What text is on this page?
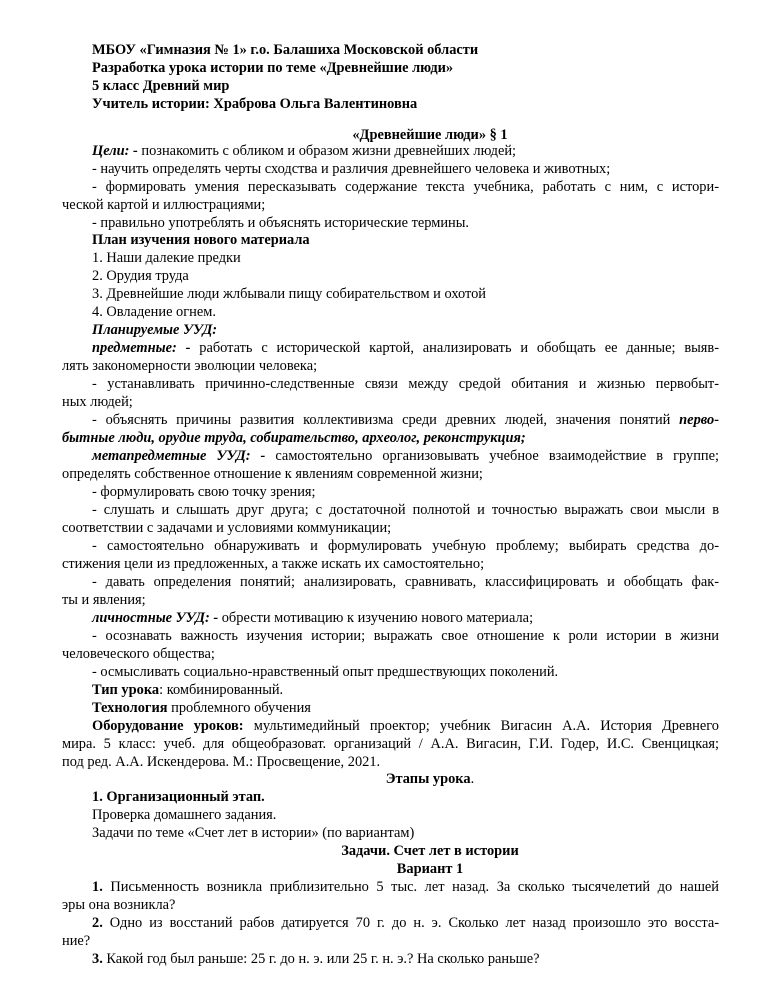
МБОУ «Гимназия № 1» г.о. Балашиха Московской области
Разработка урока истории по теме «Древнейшие люди»
5 класс Древний мир
Учитель истории: Храброва Ольга Валентиновна
«Древнейшие люди» § 1
Цели: - познакомить с обликом и образом жизни древнейших людей;
- научить определять черты сходства и различия древнейшего человека и животных;
- формировать умения пересказывать содержание текста учебника, работать с ним, с истори-
ческой картой и иллюстрациями;
- правильно употреблять и объяснять исторические термины.
План изучения нового материала
1. Наши далекие предки
2. Орудия труда
3. Древнейшие люди жлбывали пищу собирательством и охотой
4. Овладение огнем.
Планируемые УУД:
предметные: - работать с исторической картой, анализировать и обобщать ее данные; выяв-
лять закономерности эволюции человека;
- устанавливать причинно-следственные связи между средой обитания и жизнью первобыт-
ных людей;
- объяснять причины развития коллективизма среди древних людей, значения понятий перво-
бытные люди, орудие труда, собирательство, археолог, реконструкция;
метапредметные УУД: - самостоятельно организовывать учебное взаимодействие в группе;
определять собственное отношение к явлениям современной жизни;
- формулировать свою точку зрения;
- слушать и слышать друг друга; с достаточной полнотой и точностью выражать свои мысли в
соответствии с задачами и условиями коммуникации;
- самостоятельно обнаруживать и формулировать учебную проблему; выбирать средства до-
стижения цели из предложенных, а также искать их самостоятельно;
- давать определения понятий; анализировать, сравнивать, классифицировать и обобщать фак-
ты и явления;
личностные УУД: - обрести мотивацию к изучению нового материала;
- осознавать важность изучения истории; выражать свое отношение к роли истории в жизни
человеческого общества;
- осмысливать социально-нравственный опыт предшествующих поколений.
Тип урока: комбинированный.
Технология проблемного обучения
Оборудование уроков: мультимедийный проектор; учебник Вигасин А.А. История Древнего
мира. 5 класс: учеб. для общеобразоват. организаций / А.А. Вигасин, Г.И. Годер, И.С. Свенцицкая;
под ред. А.А. Искендерова. М.: Просвещение, 2021.
Этапы урока.
1. Организационный этап.
Проверка домашнего задания.
Задачи по теме «Счет лет в истории» (по вариантам)
Задачи. Счет лет в истории
Вариант 1
1. Письменность возникла приблизительно 5 тыс. лет назад. За сколько тысячелетий до нашей
эры она возникла?
2. Одно из восстаний рабов датируется 70 г. до н. э. Сколько лет назад произошло это восста-
ние?
3. Какой год был раньше: 25 г. до н. э. или 25 г. н. э.? На сколько раньше?
